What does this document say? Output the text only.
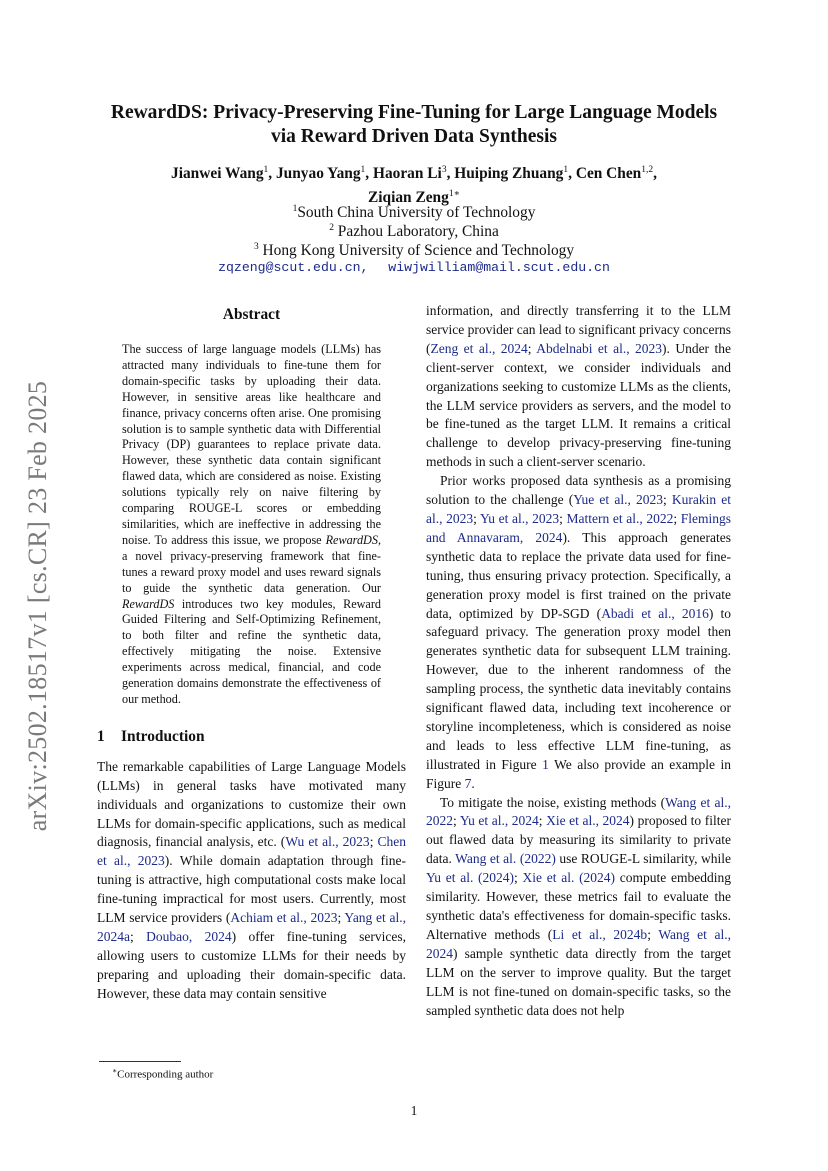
arXiv:2502.18517v1 [cs.CR] 23 Feb 2025
RewardDS: Privacy-Preserving Fine-Tuning for Large Language Models
via Reward Driven Data Synthesis
Jianwei Wang$^1$, Junyao Yang$^1$, Haoran Li$^3$, Huiping Zhuang$^1$, Cen Chen$^{1,2}$,
Ziqian Zeng$^{1∗}$
$^1$South China University of Technology
$^2$ Pazhou Laboratory, China
$^3$ Hong Kong University of Science and Technology
zqzeng@scut.edu.cn, wiwjwilliam@mail.scut.edu.cn
Abstract
The success of large language models (LLMs) has attracted many individuals to fine-tune them for domain-specific tasks by uploading their data. However, in sensitive areas like healthcare and finance, privacy concerns often arise. One promising solution is to sample synthetic data with Differential Privacy (DP) guarantees to replace private data. However, these synthetic data contain significant flawed data, which are considered as noise. Existing solutions typically rely on naive filtering by comparing ROUGE-L scores or embedding similarities, which are ineffective in addressing the noise. To address this issue, we propose RewardDS, a novel privacy-preserving framework that fine-tunes a reward proxy model and uses reward signals to guide the synthetic data generation. Our RewardDS introduces two key modules, Reward Guided Filtering and Self-Optimizing Refinement, to both filter and refine the synthetic data, effectively mitigating the noise. Extensive experiments across medical, financial, and code generation domains demonstrate the effectiveness of our method.
1 Introduction

The remarkable capabilities of Large Language Models (LLMs) in general tasks have motivated many individuals and organizations to customize their own LLMs for domain-specific applications, such as medical diagnosis, financial analysis, etc. (Wu et al., 2023; Chen et al., 2023). While domain adaptation through fine-tuning is attractive, high computational costs make local fine-tuning impractical for most users. Currently, most LLM service providers (Achiam et al., 2023; Yang et al., 2024a; Doubao, 2024) offer fine-tuning services, allowing users to customize LLMs for their needs by preparing and uploading their domain-specific data. However, these data may contain sensitive

information, and directly transferring it to the LLM service provider can lead to significant privacy concerns (Zeng et al., 2024; Abdelnabi et al., 2023). Under the client-server context, we consider individuals and organizations seeking to customize LLMs as the clients, the LLM service providers as servers, and the model to be fine-tuned as the target LLM. It remains a critical challenge to develop privacy-preserving fine-tuning methods in such a client-server scenario.

Prior works proposed data synthesis as a promising solution to the challenge (Yue et al., 2023; Kurakin et al., 2023; Yu et al., 2023; Mattern et al., 2022; Flemings and Annavaram, 2024). This approach generates synthetic data to replace the private data used for fine-tuning, thus ensuring privacy protection. Specifically, a generation proxy model is first trained on the private data, optimized by DP-SGD (Abadi et al., 2016) to safeguard privacy. The generation proxy model then generates synthetic data for subsequent LLM training. However, due to the inherent randomness of the sampling process, the synthetic data inevitably contains significant flawed data, including text incoherence or storyline incompleteness, which is considered as noise and leads to less effective LLM fine-tuning, as illustrated in Figure 1 We also provide an example in Figure 7.

To mitigate the noise, existing methods (Wang et al., 2022; Yu et al., 2024; Xie et al., 2024) proposed to filter out flawed data by measuring its similarity to private data. Wang et al. (2022) use ROUGE-L similarity, while Yu et al. (2024); Xie et al. (2024) compute embedding similarity. However, these metrics fail to evaluate the synthetic data's effectiveness for domain-specific tasks. Alternative methods (Li et al., 2024b; Wang et al., 2024) sample synthetic data directly from the target LLM on the server to improve quality. But the target LLM is not fine-tuned on domain-specific tasks, so the sampled synthetic data does not help

∗Corresponding author
1
